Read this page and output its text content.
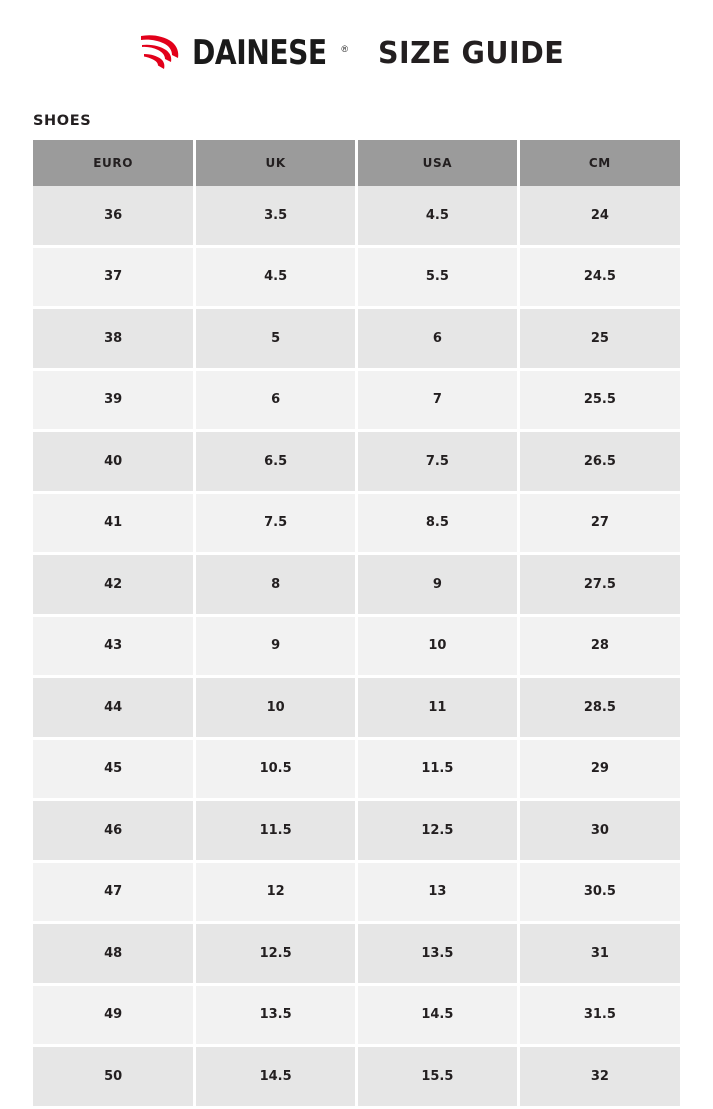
DAINESE ® SIZE GUIDE
SHOES
EURO	UK	USA	CM
36	3.5	4.5	24
37	4.5	5.5	24.5
38	5	6	25
39	6	7	25.5
40	6.5	7.5	26.5
41	7.5	8.5	27
42	8	9	27.5
43	9	10	28
44	10	11	28.5
45	10.5	11.5	29
46	11.5	12.5	30
47	12	13	30.5
48	12.5	13.5	31
49	13.5	14.5	31.5
50	14.5	15.5	32
